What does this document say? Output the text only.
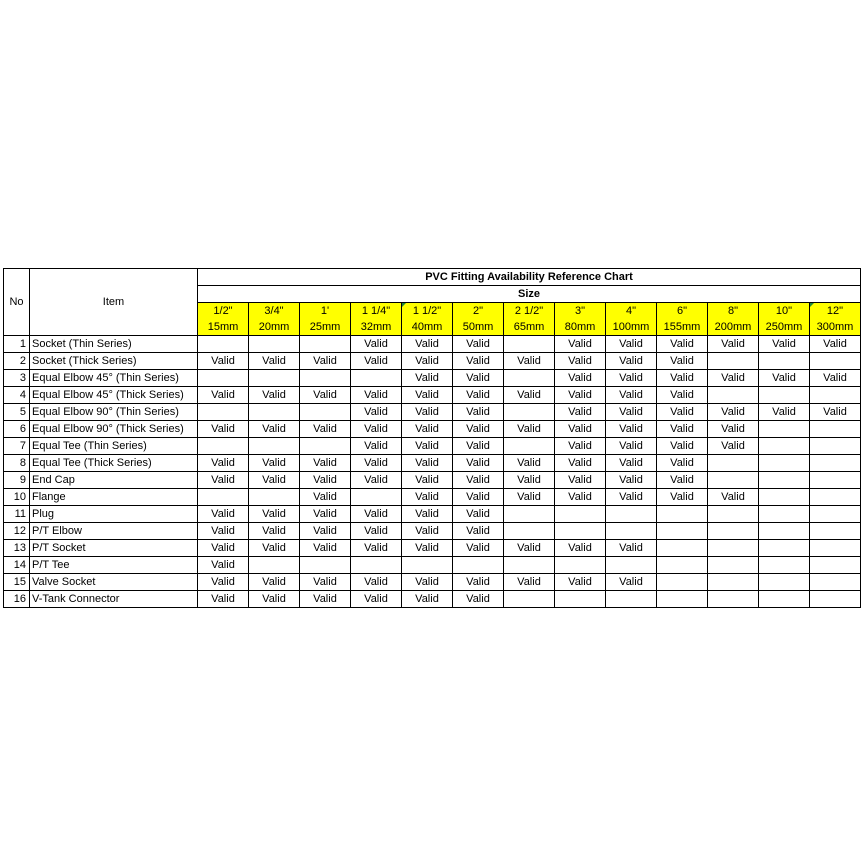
No	Item	PVC Fitting Availability Reference Chart												
		Size												
		1/2"	3/4"	1'	1 1/4"	1 1/2"	2"	2 1/2"	3"	4"	6"	8"	10"	12"
		15mm	20mm	25mm	32mm	40mm	50mm	65mm	80mm	100mm	155mm	200mm	250mm	300mm
1	Socket (Thin Series)				Valid	Valid	Valid		Valid	Valid	Valid	Valid	Valid	Valid
2	Socket (Thick Series)	Valid	Valid	Valid	Valid	Valid	Valid	Valid	Valid	Valid	Valid			
3	Equal Elbow 45° (Thin Series)					Valid	Valid		Valid	Valid	Valid	Valid	Valid	Valid
4	Equal Elbow 45° (Thick Series)	Valid	Valid	Valid	Valid	Valid	Valid	Valid	Valid	Valid	Valid			
5	Equal Elbow 90° (Thin Series)				Valid	Valid	Valid		Valid	Valid	Valid	Valid	Valid	Valid
6	Equal Elbow 90° (Thick Series)	Valid	Valid	Valid	Valid	Valid	Valid	Valid	Valid	Valid	Valid	Valid		
7	Equal Tee (Thin Series)				Valid	Valid	Valid		Valid	Valid	Valid	Valid		
8	Equal Tee (Thick Series)	Valid	Valid	Valid	Valid	Valid	Valid	Valid	Valid	Valid	Valid			
9	End Cap	Valid	Valid	Valid	Valid	Valid	Valid	Valid	Valid	Valid	Valid			
10	Flange			Valid		Valid	Valid	Valid	Valid	Valid	Valid	Valid		
11	Plug	Valid	Valid	Valid	Valid	Valid	Valid							
12	P/T Elbow	Valid	Valid	Valid	Valid	Valid	Valid							
13	P/T Socket	Valid	Valid	Valid	Valid	Valid	Valid	Valid	Valid	Valid				
14	P/T Tee	Valid												
15	Valve Socket	Valid	Valid	Valid	Valid	Valid	Valid	Valid	Valid	Valid				
16	V-Tank Connector	Valid	Valid	Valid	Valid	Valid	Valid							
